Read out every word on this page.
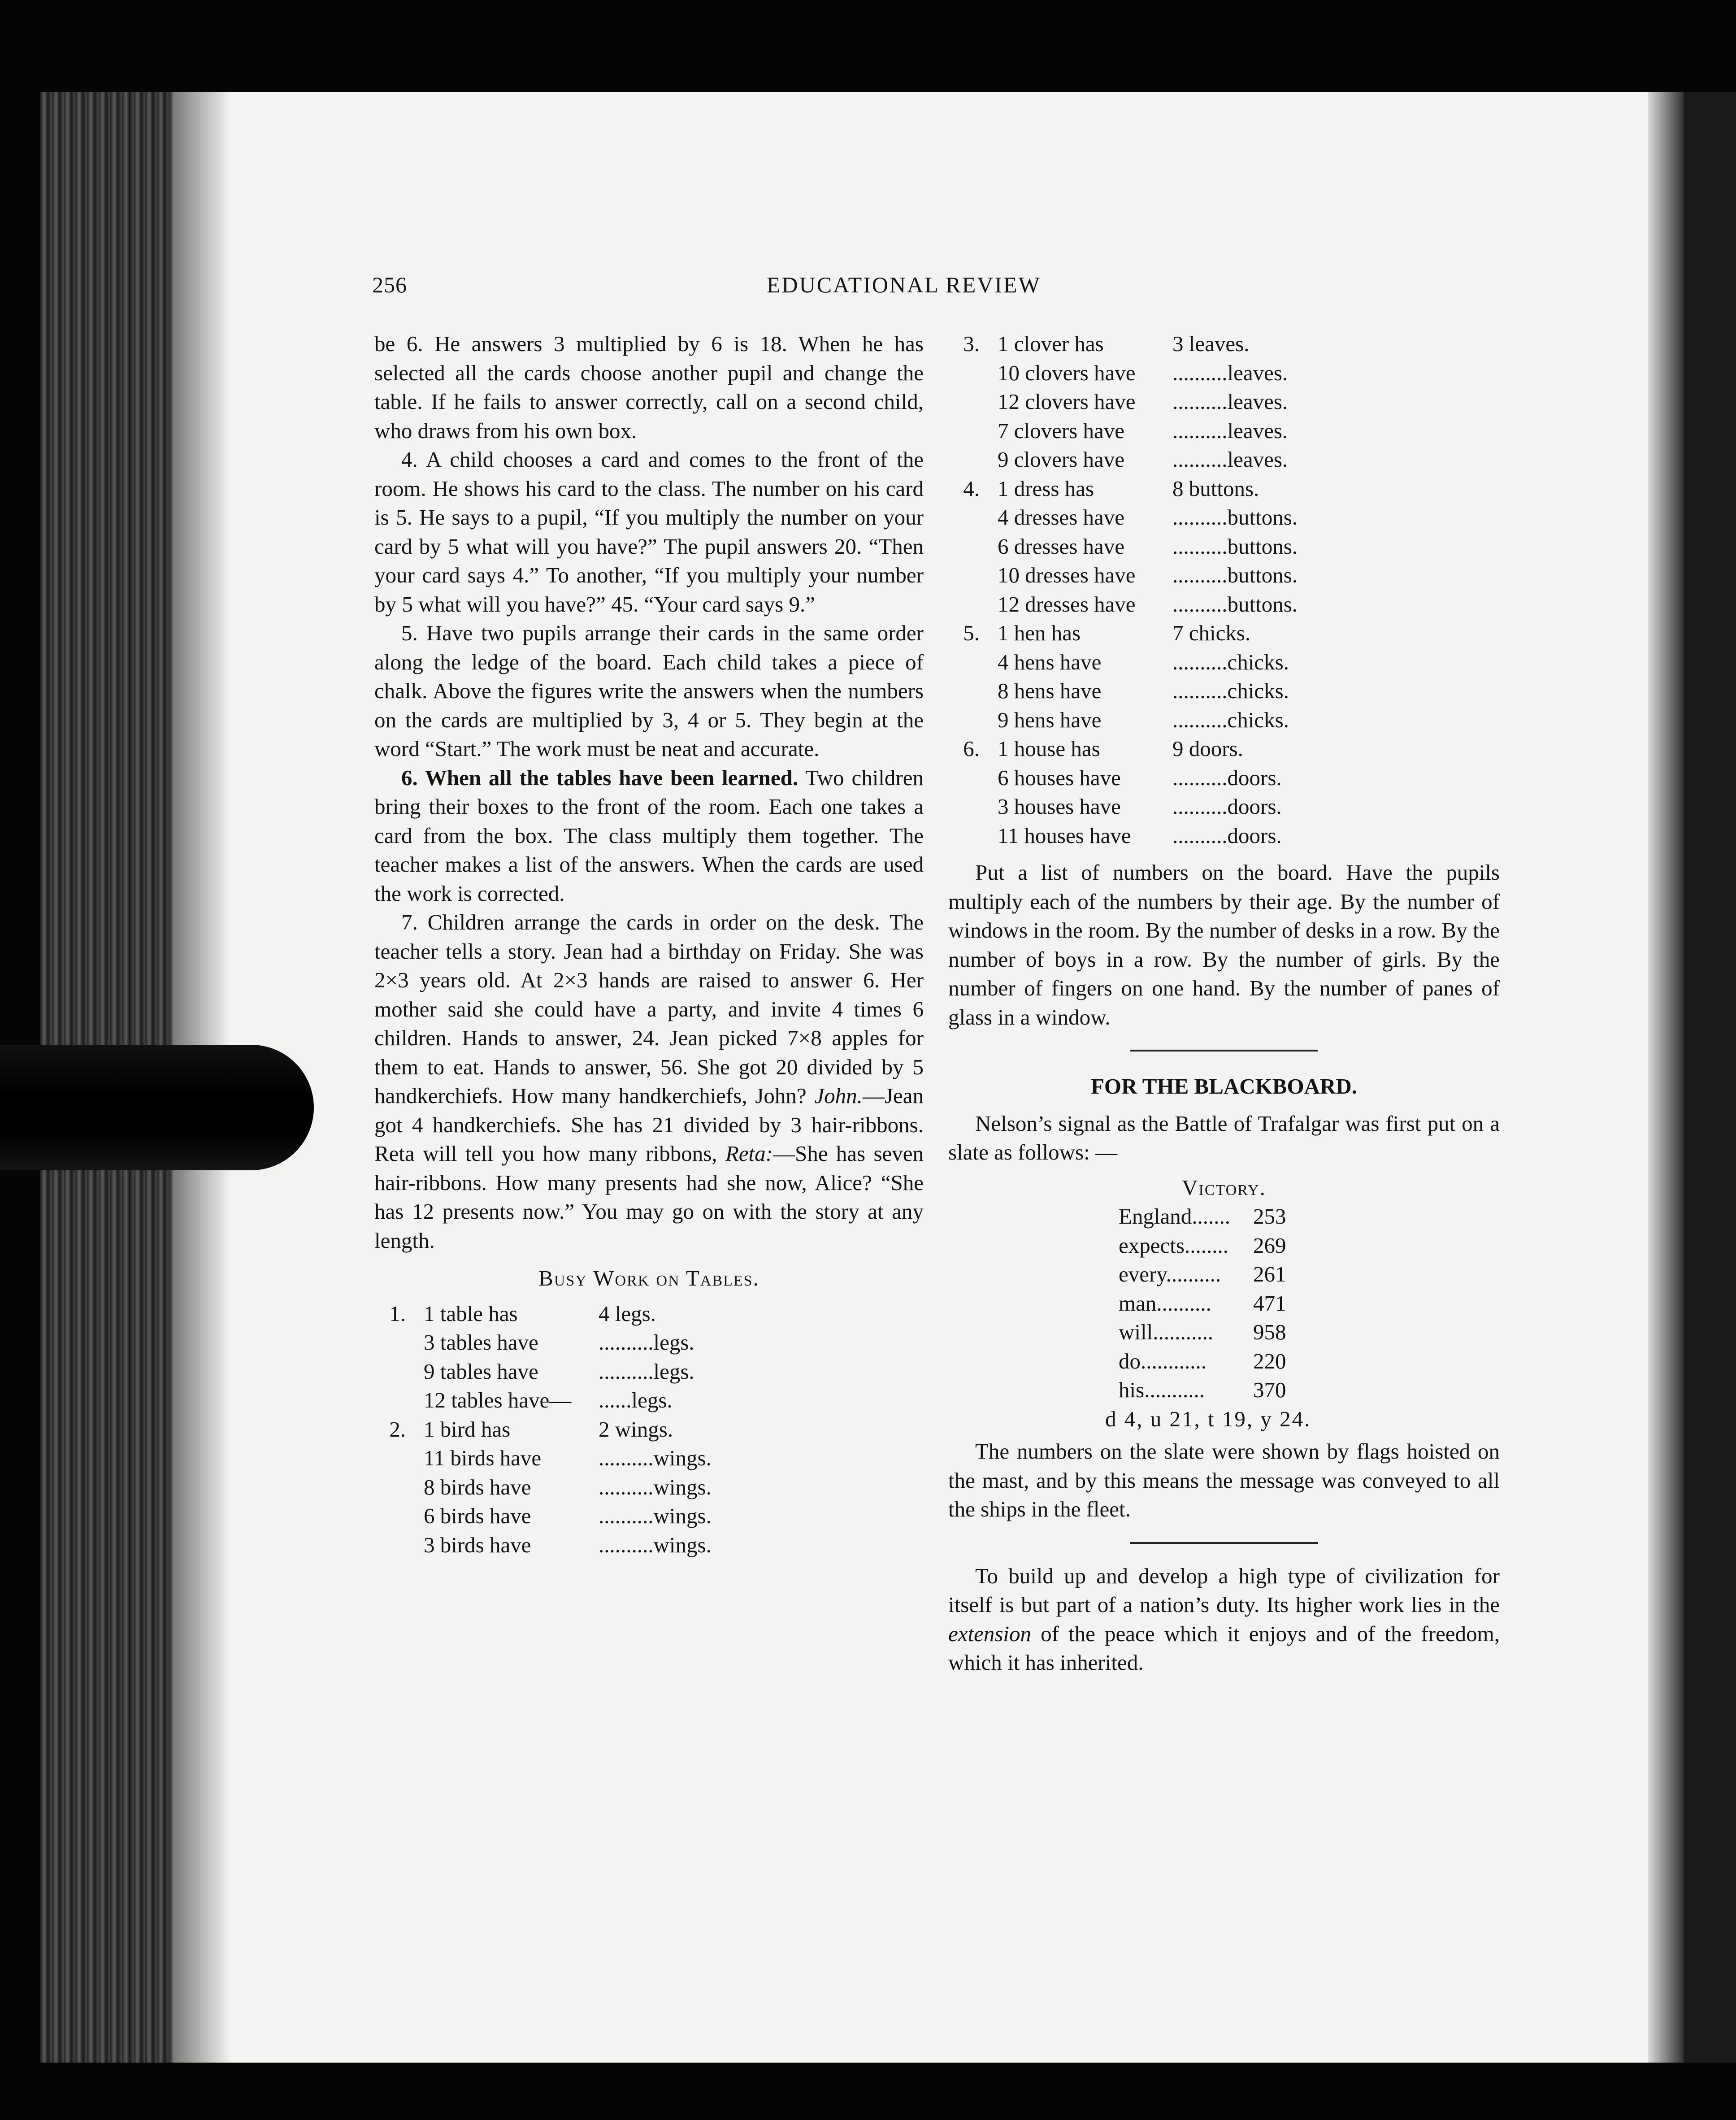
256	EDUCATIONAL REVIEW

be 6. He answers 3 multiplied by 6 is 18. When he has selected all the cards choose another pupil and change the table. If he fails to answer correctly, call on a second child, who draws from his own box.

4. A child chooses a card and comes to the front of the room. He shows his card to the class. The number on his card is 5. He says to a pupil, “If you multiply the number on your card by 5 what will you have?” The pupil answers 20. “Then your card says 4.” To another, “If you multiply your number by 5 what will you have?” 45. “Your card says 9.”

5. Have two pupils arrange their cards in the same order along the ledge of the board. Each child takes a piece of chalk. Above the figures write the answers when the numbers on the cards are multiplied by 3, 4 or 5. They begin at the word “Start.” The work must be neat and accurate.

6. When all the tables have been learned. Two children bring their boxes to the front of the room. Each one takes a card from the box. The class multiply them together. The teacher makes a list of the answers. When the cards are used the work is corrected.

7. Children arrange the cards in order on the desk. The teacher tells a story. Jean had a birthday on Friday. She was 2×3 years old. At 2×3 hands are raised to answer 6. Her mother said she could have a party, and invite 4 times 6 children. Hands to answer, 24. Jean picked 7×8 apples for them to eat. Hands to answer, 56. She got 20 divided by 5 handkerchiefs. How many handkerchiefs, John? John.—Jean got 4 handkerchiefs. She has 21 divided by 3 hair-ribbons. Reta will tell you how many ribbons, Reta:—She has seven hair-ribbons. How many presents had she now, Alice? “She has 12 presents now.” You may go on with the story at any length.

Busy Work on Tables.
1. 1 table has	4 legs.
3 tables have	..........legs.
9 tables have	..........legs.
12 tables have—	......legs.
2. 1 bird has	2 wings.
11 birds have	..........wings.
8 birds have	..........wings.
6 birds have	..........wings.
3 birds have	..........wings.
3. 1 clover has	3 leaves.
10 clovers have	..........leaves.
12 clovers have	..........leaves.
7 clovers have	..........leaves.
9 clovers have	..........leaves.
4. 1 dress has	8 buttons.
4 dresses have	..........buttons.
6 dresses have	..........buttons.
10 dresses have	..........buttons.
12 dresses have	..........buttons.
5. 1 hen has	7 chicks.
4 hens have	..........chicks.
8 hens have	..........chicks.
9 hens have	..........chicks.
6. 1 house has	9 doors.
6 houses have	..........doors.
3 houses have	..........doors.
11 houses have	..........doors.

Put a list of numbers on the board. Have the pupils multiply each of the numbers by their age. By the number of windows in the room. By the number of desks in a row. By the number of boys in a row. By the number of girls. By the number of fingers on one hand. By the number of panes of glass in a window.

FOR THE BLACKBOARD.

Nelson’s signal as the Battle of Trafalgar was first put on a slate as follows: —

Victory.
England.......	253
expects........	269
every..........	261
man..........	471
will...........	958
do............	220
his...........	370
d 4, u 21, t 19, y 24.

The numbers on the slate were shown by flags hoisted on the mast, and by this means the message was conveyed to all the ships in the fleet.

To build up and develop a high type of civilization for itself is but part of a nation’s duty. Its higher work lies in the extension of the peace which it enjoys and of the freedom, which it has inherited.
